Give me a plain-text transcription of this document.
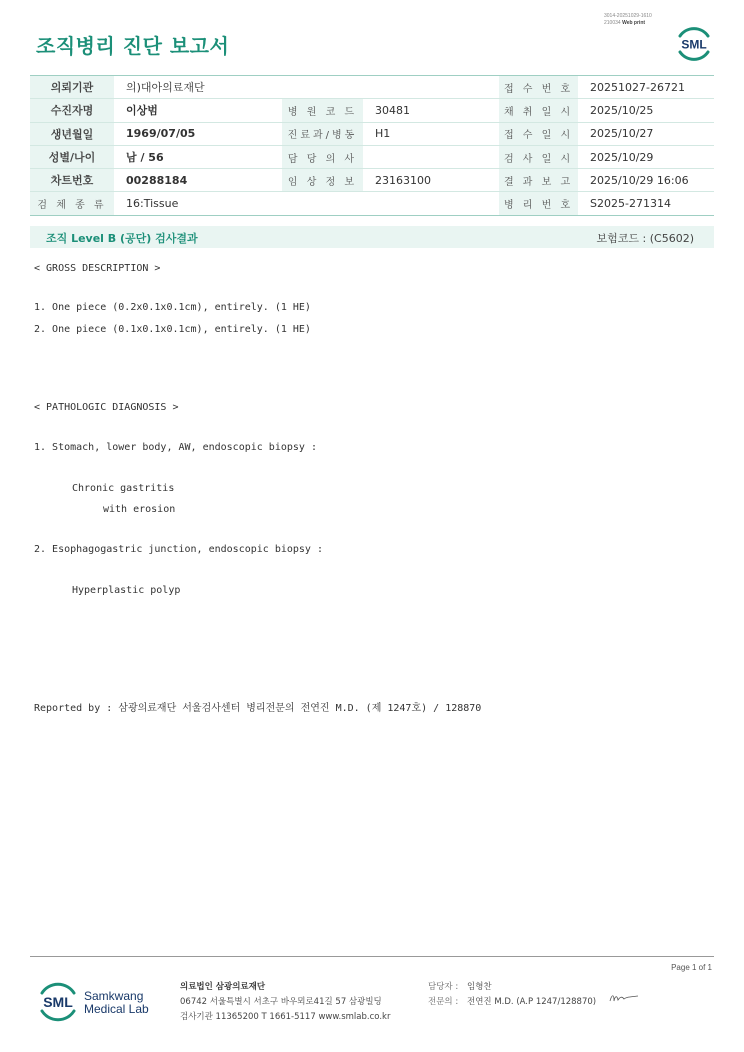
3014-20251029-1610
210034 Web print
조직병리 진단 보고서	SML
의뢰기관	의)대아의료재단			접 수 번 호	20251027-26721
수진자명	이상범	병 원 코 드	30481	채 취 일 시	2025/10/25
생년월일	1969/07/05	진료과/병동	H1	접 수 일 시	2025/10/27
성별/나이	남 / 56	담 당 의 사		검 사 일 시	2025/10/29
차트번호	00288184	임 상 정 보	23163100	결 과 보 고	2025/10/29 16:06
검 체 종 류	16:Tissue			병 리 번 호	S2025-271314
조직 Level B (공단) 검사결과	보험코드 : (C5602)
< GROSS DESCRIPTION >
1. One piece (0.2x0.1x0.1cm), entirely. (1 HE)
2. One piece (0.1x0.1x0.1cm), entirely. (1 HE)
< PATHOLOGIC DIAGNOSIS >
1. Stomach, lower body, AW, endoscopic biopsy :
Chronic gastritis
with erosion
2. Esophagogastric junction, endoscopic biopsy :
Hyperplastic polyp
Reported by : 삼광의료재단 서울검사센터 병리전문의 전연진 M.D. (제 1247호) / 128870
Page 1 of 1
SML Samkwang
Medical Lab
의료법인 삼광의료재단
06742 서울특별시 서초구 바우뫼로41길 57 삼광빌딩
검사기관 11365200 T 1661-5117 www.smlab.co.kr
담당자 : 임형찬
전문의 : 전연진 M.D. (A.P 1247/128870)
